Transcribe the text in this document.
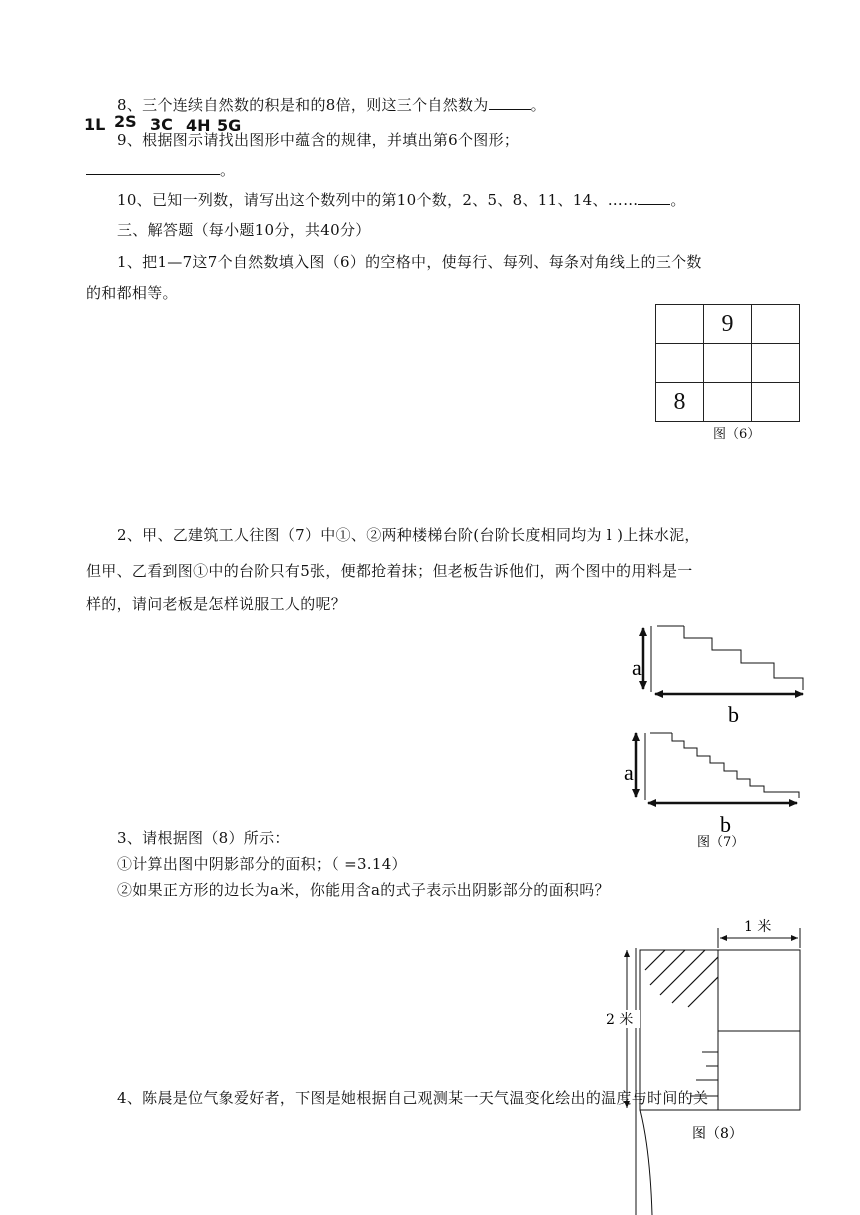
8、三个连续自然数的积是和的8倍，则这三个自然数为	。
1L 2S 3C 4H 5G
9、根据图示请找出图形中蕴含的规律，并填出第6个图形；
。
10、已知一列数，请写出这个数列中的第10个数，2、5、8、11、14、…… 。
三、解答题（每小题10分，共40分）
1、把1—7这7个自然数填入图（6）的空格中，使每行、每列、每条对角线上的三个数
的和都相等。
	9	

8		
图（6）
2、甲、乙建筑工人往图（7）中①、②两种楼梯台阶(台阶长度相同均为 l )上抹水泥，
但甲、乙看到图①中的台阶只有5张，便都抢着抹；但老板告诉他们，两个图中的用料是一
样的，请问老板是怎样说服工人的呢？
3、请根据图（8）所示：
①计算出图中阴影部分的面积；（ =3.14）
②如果正方形的边长为a米，你能用含a的式子表示出阴影部分的面积吗？
4、陈晨是位气象爱好者，下图是她根据自己观测某一天气温变化绘出的温度与时间的关
a
b
a
b
图（7）
1 米
2 米
图（8）
